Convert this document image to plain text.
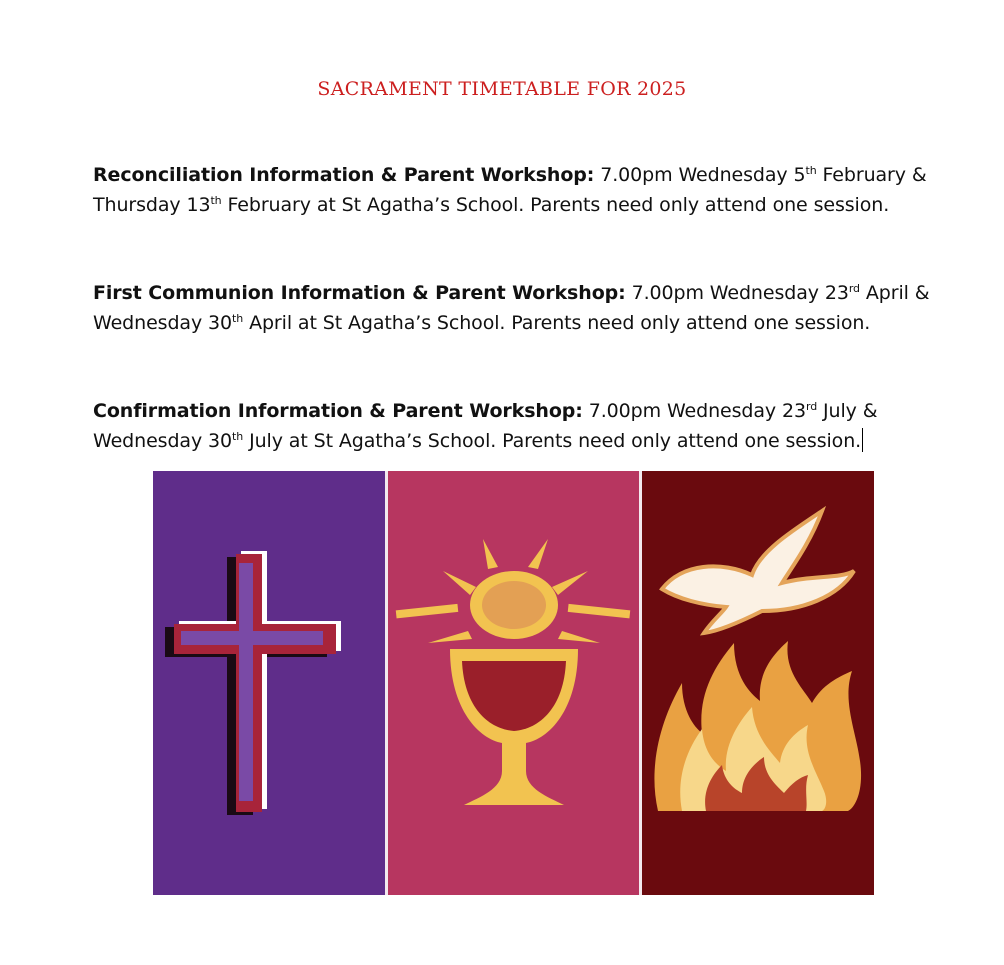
SACRAMENT TIMETABLE FOR 2025
Reconciliation Information & Parent Workshop: 7.00pm Wednesday 5th February &
Thursday 13th February at St Agatha’s School. Parents need only attend one session.
First Communion Information & Parent Workshop: 7.00pm Wednesday 23rd April &
Wednesday 30th April at St Agatha’s School. Parents need only attend one session.
Confirmation Information & Parent Workshop: 7.00pm Wednesday 23rd July &
Wednesday 30th July at St Agatha’s School. Parents need only attend one session.
